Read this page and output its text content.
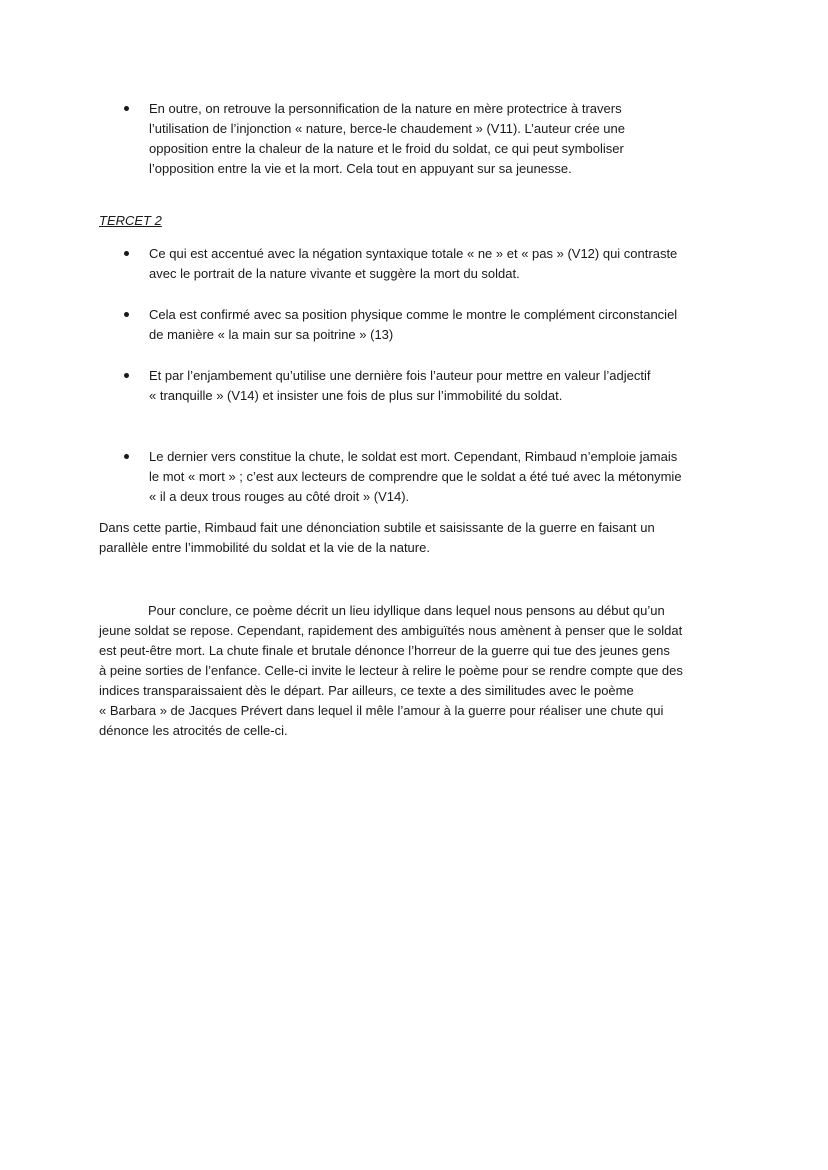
En outre, on retrouve la personnification de la nature en mère protectrice à travers

l’utilisation de l’injonction « nature, berce-le chaudement » (V11). L’auteur crée une

opposition entre la chaleur de la nature et le froid du soldat, ce qui peut symboliser

l’opposition entre la vie et la mort. Cela tout en appuyant sur sa jeunesse.

TERCET 2

Ce qui est accentué avec la négation syntaxique totale « ne » et « pas » (V12) qui contraste

avec le portrait de la nature vivante et suggère la mort du soldat.

Cela est confirmé avec sa position physique comme le montre le complément circonstanciel

de manière « la main sur sa poitrine » (13)

Et par l’enjambement qu’utilise une dernière fois l’auteur pour mettre en valeur l’adjectif

« tranquille » (V14) et insister une fois de plus sur l’immobilité du soldat.

Le dernier vers constitue la chute, le soldat est mort. Cependant, Rimbaud n’emploie jamais

le mot « mort » ; c’est aux lecteurs de comprendre que le soldat a été tué avec la métonymie

« il a deux trous rouges au côté droit » (V14).

Dans cette partie, Rimbaud fait une dénonciation subtile et saisissante de la guerre en faisant un

parallèle entre l’immobilité du soldat et la vie de la nature.

Pour conclure, ce poème décrit un lieu idyllique dans lequel nous pensons au début qu’un

jeune soldat se repose. Cependant, rapidement des ambiguïtés nous amènent à penser que le soldat

est peut-être mort. La chute finale et brutale dénonce l’horreur de la guerre qui tue des jeunes gens

à peine sorties de l’enfance. Celle-ci invite le lecteur à relire le poème pour se rendre compte que des

indices transparaissaient dès le départ. Par ailleurs, ce texte a des similitudes avec le poème

« Barbara » de Jacques Prévert dans lequel il mêle l’amour à la guerre pour réaliser une chute qui

dénonce les atrocités de celle-ci.
